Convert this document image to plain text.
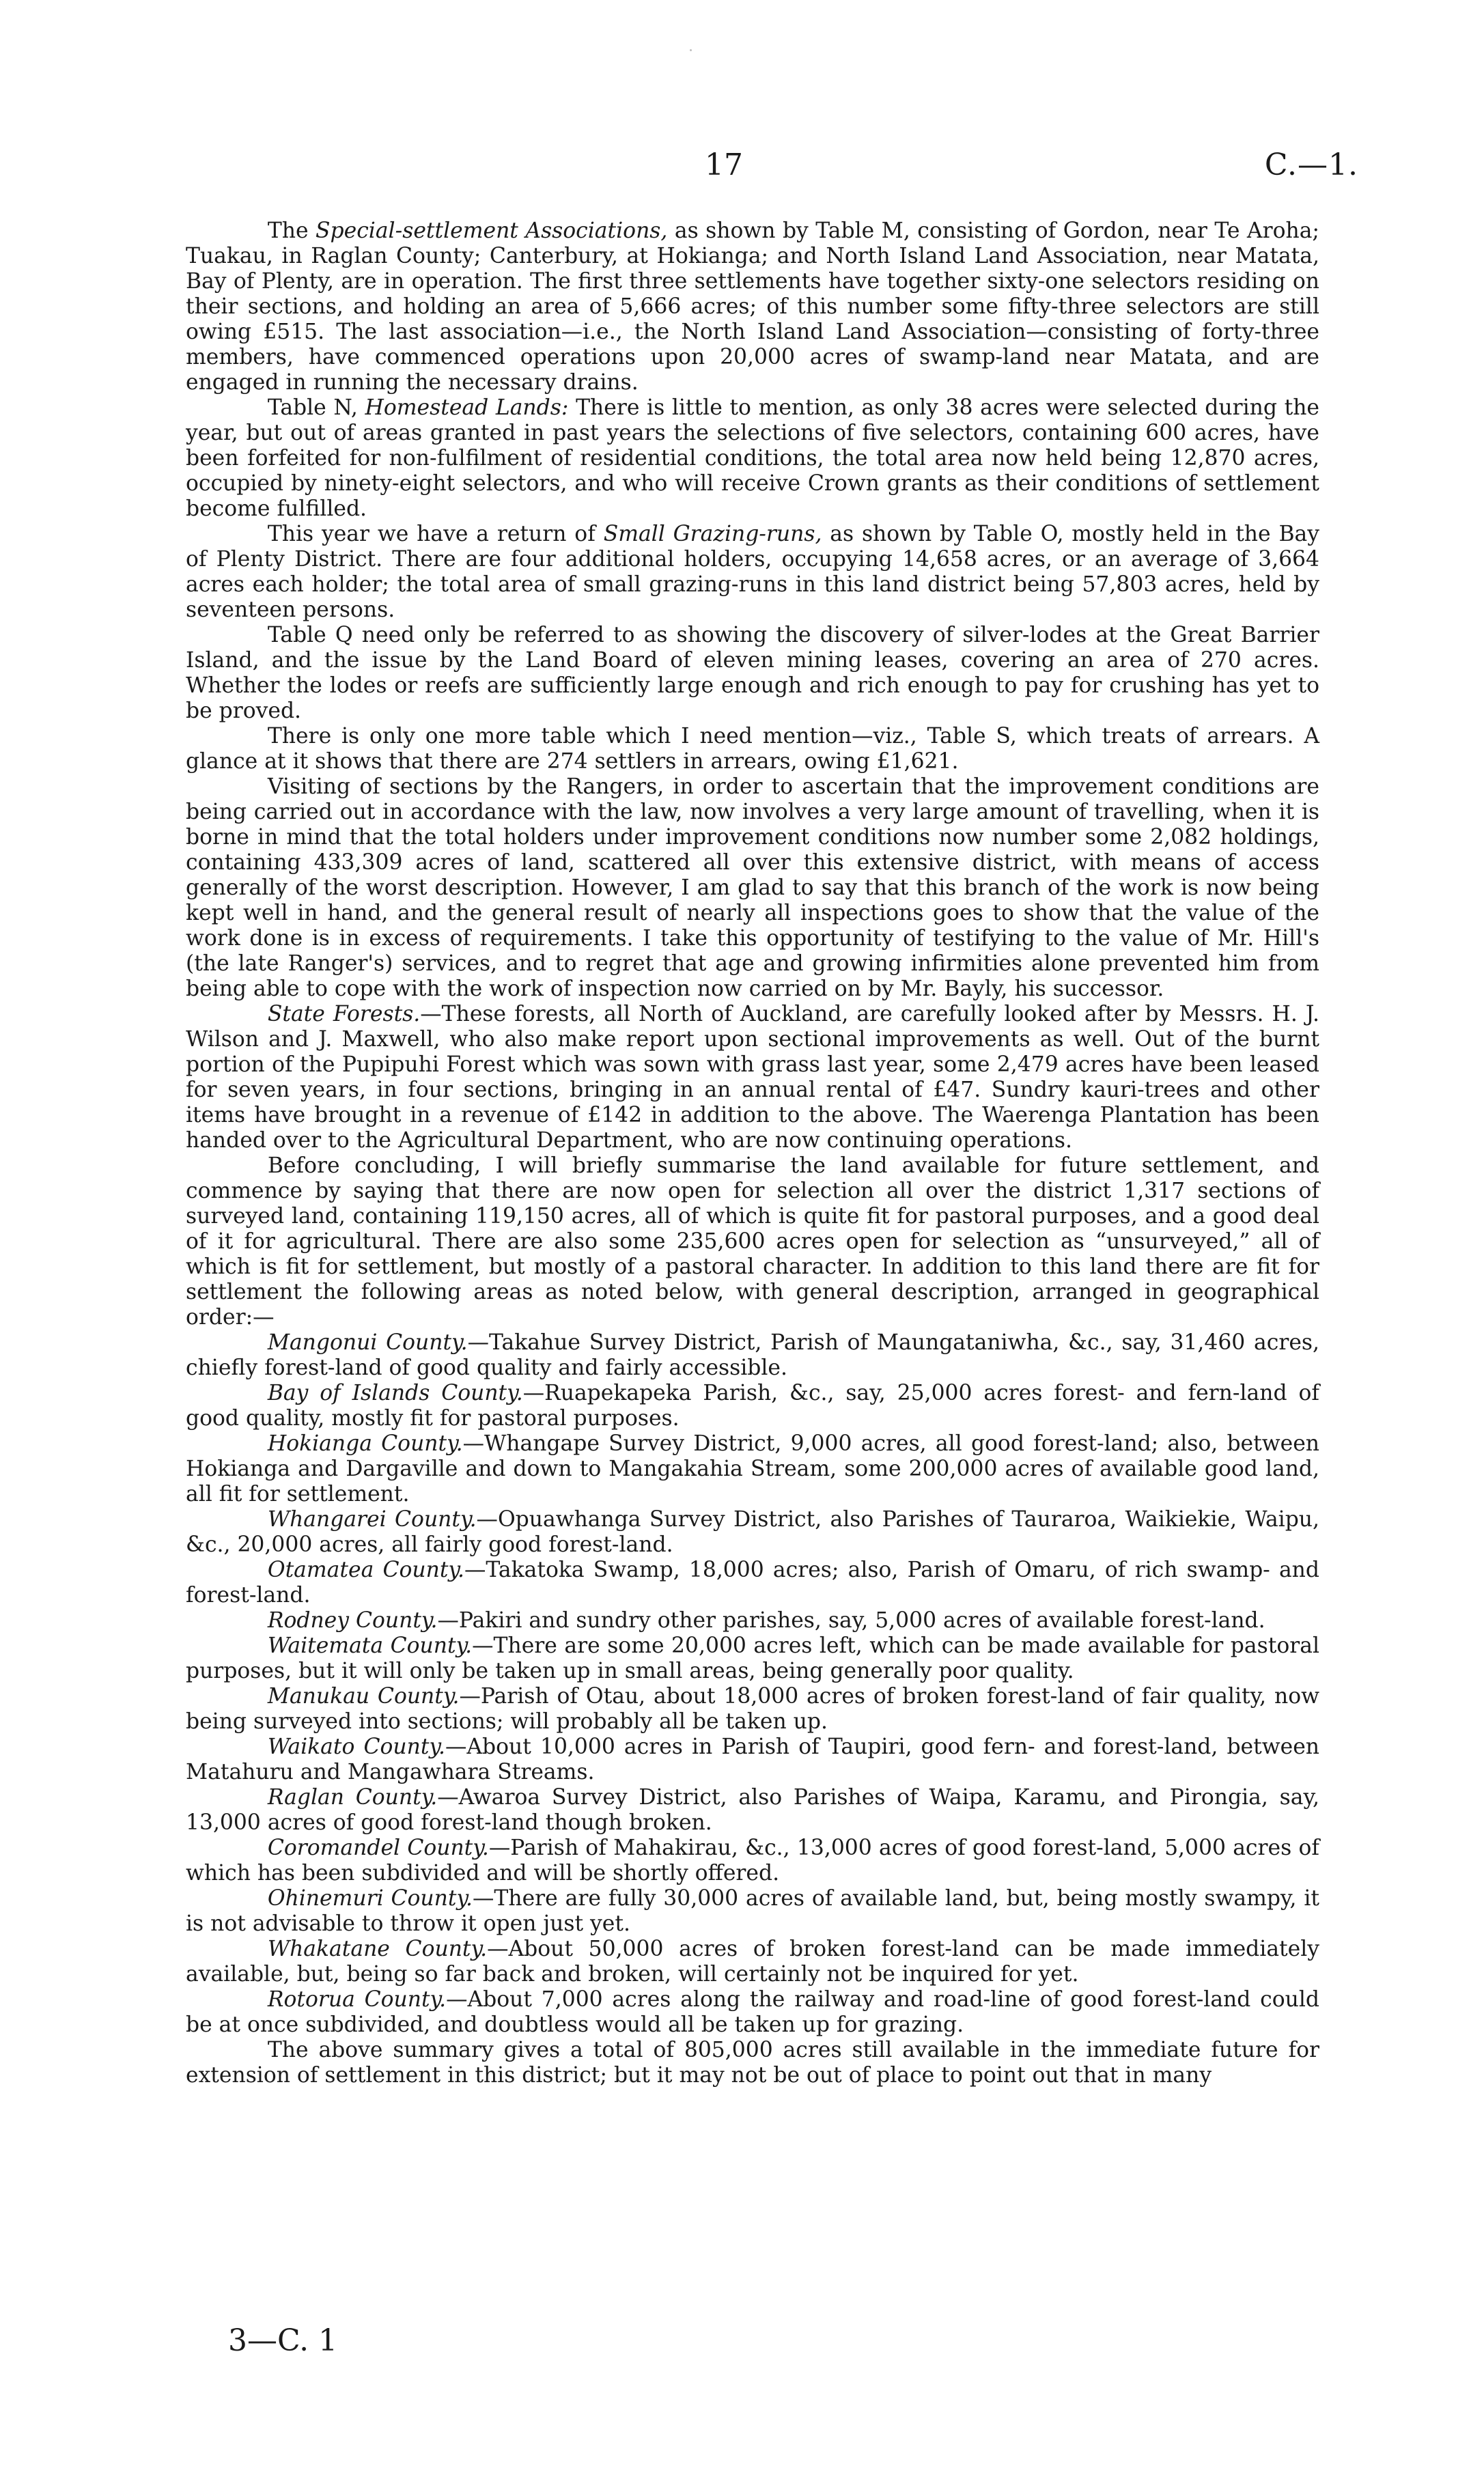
17	C.—1.

The Special-settlement Associations, as shown by Table M, consisting of Gordon, near Te Aroha; Tuakau, in Raglan County; Canterbury, at Hokianga; and North Island Land Association, near Matata, Bay of Plenty, are in operation. The first three settlements have together sixty-one selectors residing on their sections, and holding an area of 5,666 acres; of this number some fifty-three selectors are still owing £515. The last association—i.e., the North Island Land Association—consisting of forty-three members, have commenced operations upon 20,000 acres of swamp-land near Matata, and are engaged in running the necessary drains.

Table N, Homestead Lands: There is little to mention, as only 38 acres were selected during the year, but out of areas granted in past years the selections of five selectors, containing 600 acres, have been forfeited for non-fulfilment of residential conditions, the total area now held being 12,870 acres, occupied by ninety-eight selectors, and who will receive Crown grants as their conditions of settlement become fulfilled.

This year we have a return of Small Grazing-runs, as shown by Table O, mostly held in the Bay of Plenty District. There are four additional holders, occupying 14,658 acres, or an average of 3,664 acres each holder; the total area of small grazing-runs in this land district being 57,803 acres, held by seventeen persons.

Table Q need only be referred to as showing the discovery of silver-lodes at the Great Barrier Island, and the issue by the Land Board of eleven mining leases, covering an area of 270 acres. Whether the lodes or reefs are sufficiently large enough and rich enough to pay for crushing has yet to be proved.

There is only one more table which I need mention—viz., Table S, which treats of arrears. A glance at it shows that there are 274 settlers in arrears, owing £1,621.

Visiting of sections by the Rangers, in order to ascertain that the improvement conditions are being carried out in accordance with the law, now involves a very large amount of travelling, when it is borne in mind that the total holders under improvement conditions now number some 2,082 holdings, containing 433,309 acres of land, scattered all over this extensive district, with means of access generally of the worst description. However, I am glad to say that this branch of the work is now being kept well in hand, and the general result of nearly all inspections goes to show that the value of the work done is in excess of requirements. I take this opportunity of testifying to the value of Mr. Hill's (the late Ranger's) services, and to regret that age and growing infirmities alone prevented him from being able to cope with the work of inspection now carried on by Mr. Bayly, his successor.

State Forests.—These forests, all North of Auckland, are carefully looked after by Messrs. H. J. Wilson and J. Maxwell, who also make report upon sectional improvements as well. Out of the burnt portion of the Pupipuhi Forest which was sown with grass last year, some 2,479 acres have been leased for seven years, in four sections, bringing in an annual rental of £47. Sundry kauri-trees and other items have brought in a revenue of £142 in addition to the above. The Waerenga Plantation has been handed over to the Agricultural Department, who are now continuing operations.

Before concluding, I will briefly summarise the land available for future settlement, and commence by saying that there are now open for selection all over the district 1,317 sections of surveyed land, containing 119,150 acres, all of which is quite fit for pastoral purposes, and a good deal of it for agricultural. There are also some 235,600 acres open for selection as “unsurveyed,” all of which is fit for settlement, but mostly of a pastoral character. In addition to this land there are fit for settlement the following areas as noted below, with general description, arranged in geographical order:—

Mangonui County.—Takahue Survey District, Parish of Maungataniwha, &c., say, 31,460 acres, chiefly forest-land of good quality and fairly accessible.

Bay of Islands County.—Ruapekapeka Parish, &c., say, 25,000 acres forest- and fern-land of good quality, mostly fit for pastoral purposes.

Hokianga County.—Whangape Survey District, 9,000 acres, all good forest-land; also, between Hokianga and Dargaville and down to Mangakahia Stream, some 200,000 acres of available good land, all fit for settlement.

Whangarei County.—Opuawhanga Survey District, also Parishes of Tauraroa, Waikiekie, Waipu, &c., 20,000 acres, all fairly good forest-land.

Otamatea County.—Takatoka Swamp, 18,000 acres; also, Parish of Omaru, of rich swamp- and forest-land.

Rodney County.—Pakiri and sundry other parishes, say, 5,000 acres of available forest-land.

Waitemata County.—There are some 20,000 acres left, which can be made available for pastoral purposes, but it will only be taken up in small areas, being generally poor quality.

Manukau County.—Parish of Otau, about 18,000 acres of broken forest-land of fair quality, now being surveyed into sections; will probably all be taken up.

Waikato County.—About 10,000 acres in Parish of Taupiri, good fern- and forest-land, between Matahuru and Mangawhara Streams.

Raglan County.—Awaroa Survey District, also Parishes of Waipa, Karamu, and Pirongia, say, 13,000 acres of good forest-land though broken.

Coromandel County.—Parish of Mahakirau, &c., 13,000 acres of good forest-land, 5,000 acres of which has been subdivided and will be shortly offered.

Ohinemuri County.—There are fully 30,000 acres of available land, but, being mostly swampy, it is not advisable to throw it open just yet.

Whakatane County.—About 50,000 acres of broken forest-land can be made immediately available, but, being so far back and broken, will certainly not be inquired for yet.

Rotorua County.—About 7,000 acres along the railway and road-line of good forest-land could be at once subdivided, and doubtless would all be taken up for grazing.

The above summary gives a total of 805,000 acres still available in the immediate future for extension of settlement in this district; but it may not be out of place to point out that in many

3—C. 1
